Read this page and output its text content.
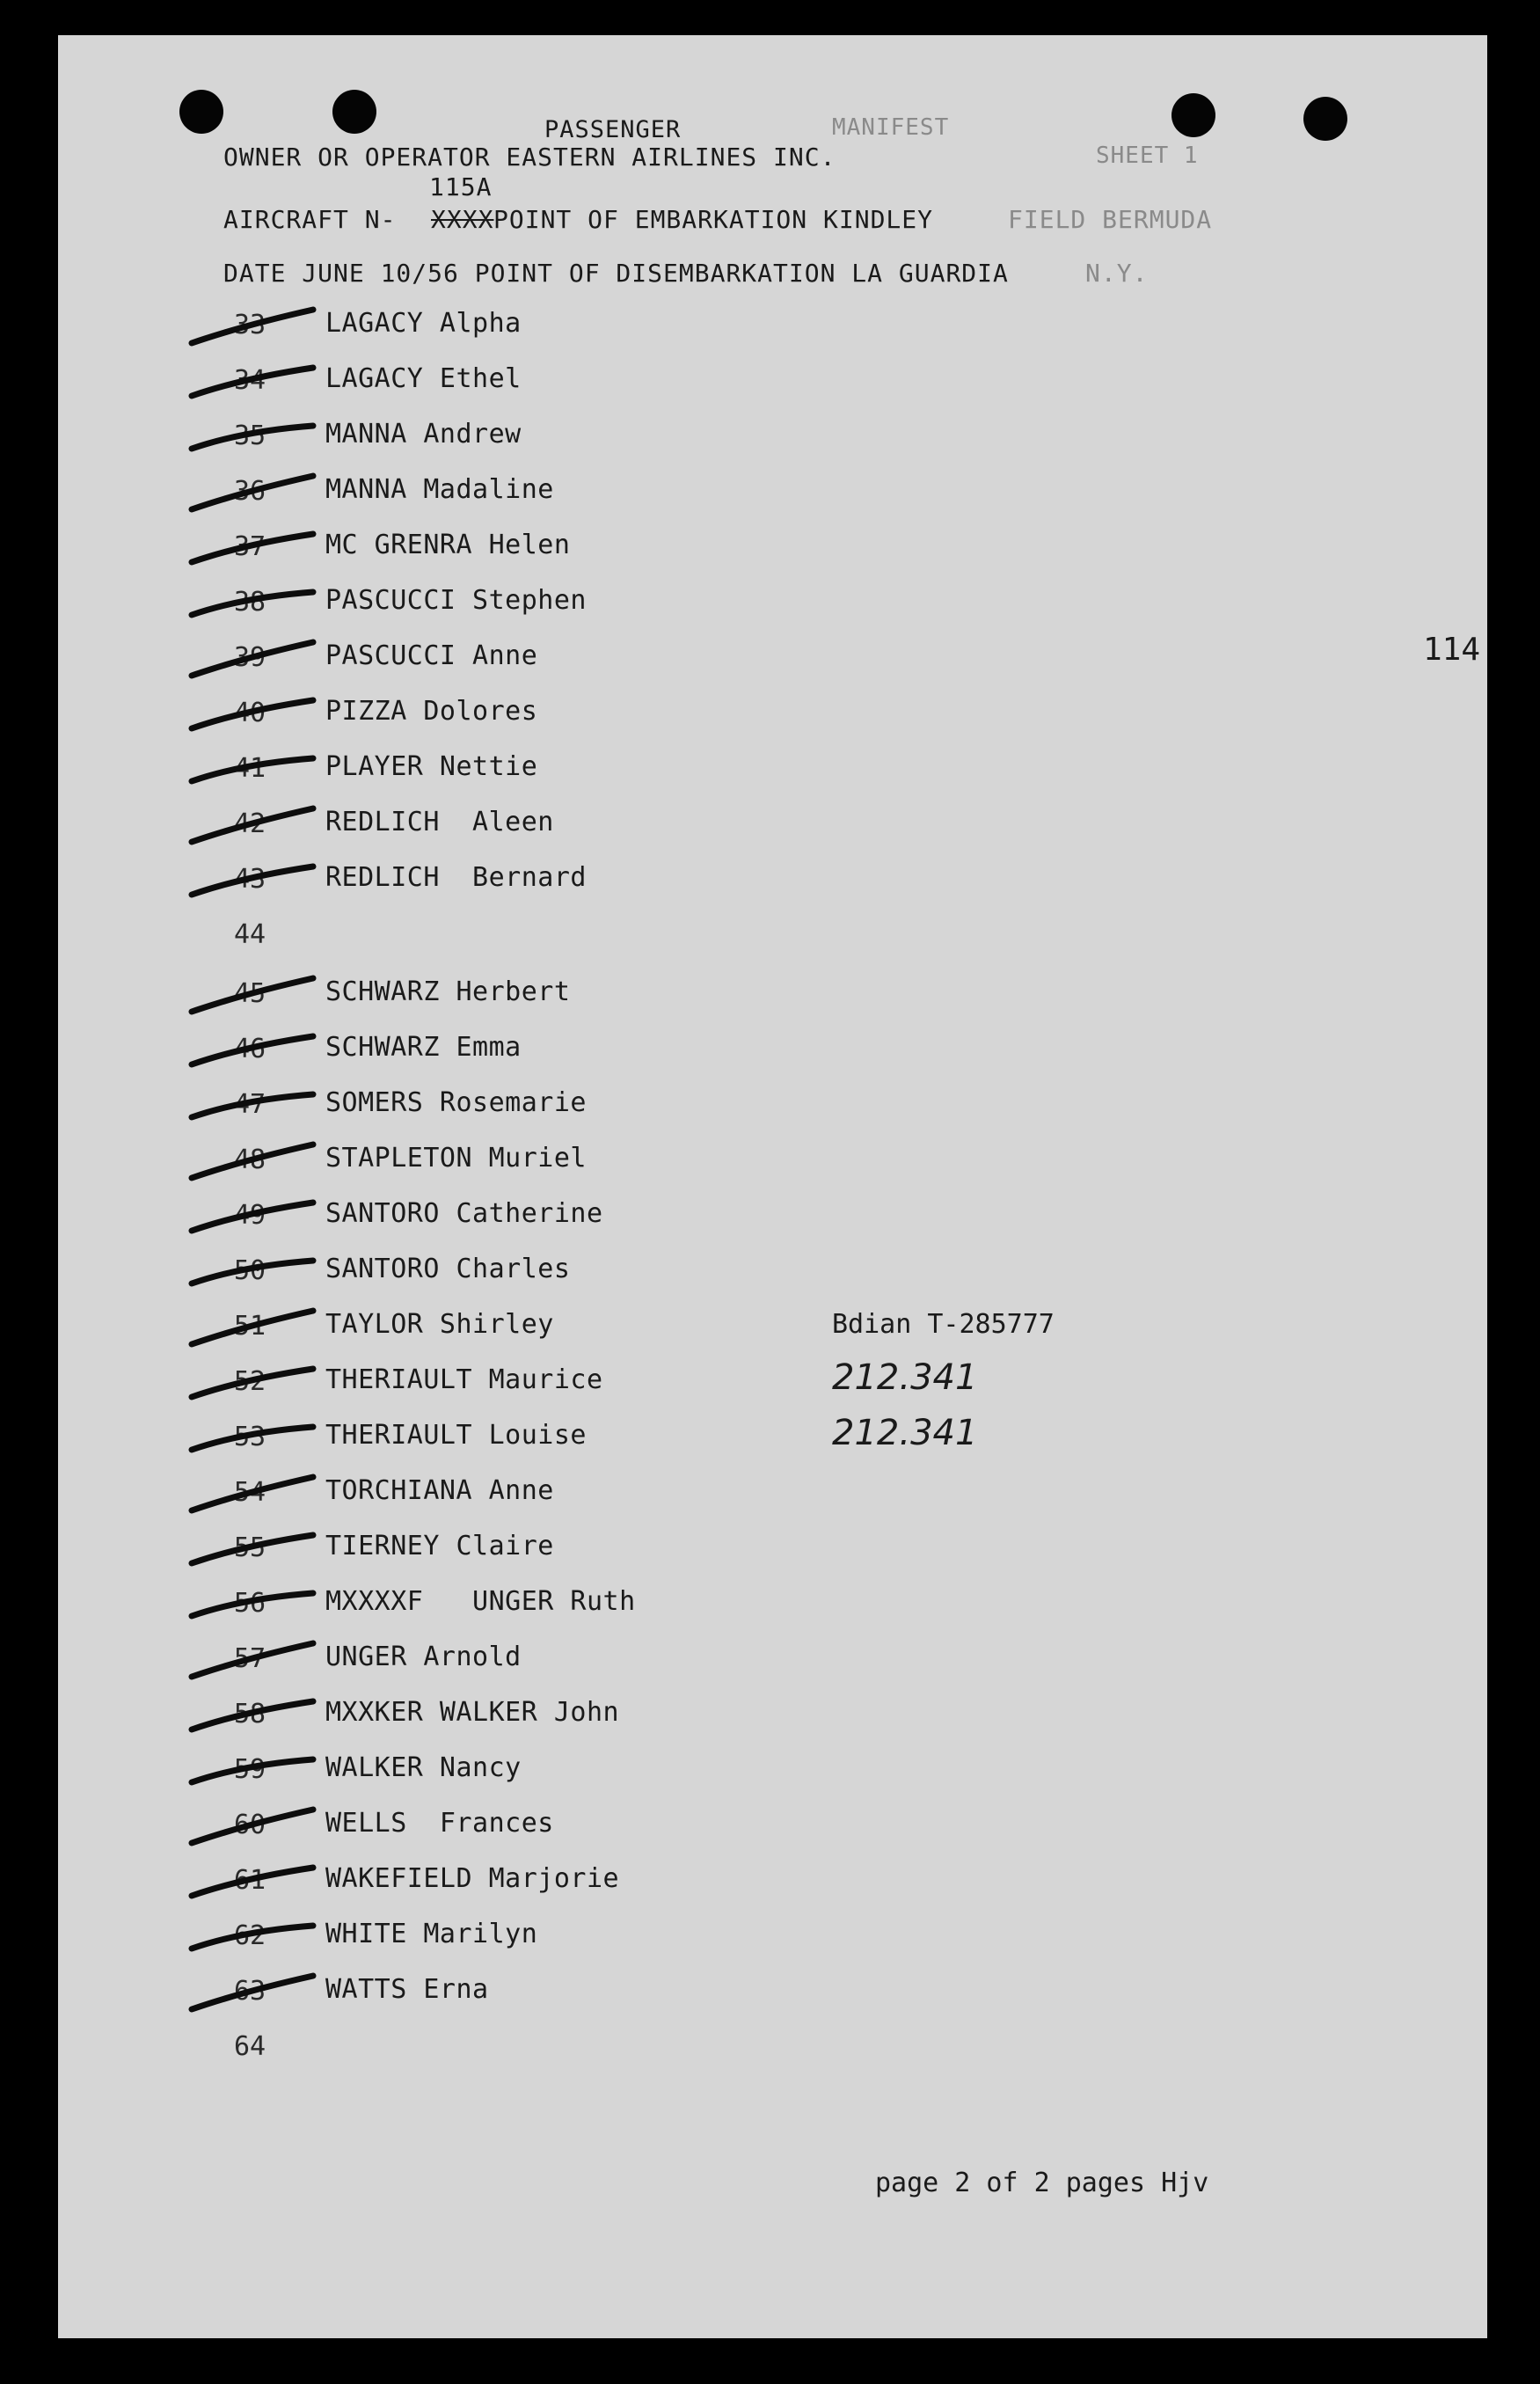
PASSENGER	MANIFEST
OWNER OR OPERATOR EASTERN AIRLINES INC.	SHEET 1
115A
AIRCRAFT N- XXXX POINT OF EMBARKATION KINDLEY	FIELD BERMUDA
DATE JUNE 10/56 POINT OF DISEMBARKATION LA GUARDIA	N.Y.
114
33 LAGACY Alpha
34 LAGACY Ethel
35 MANNA Andrew
36 MANNA Madaline
37 MC GRENRA Helen
38 PASCUCCI Stephen
39 PASCUCCI Anne
40 PIZZA Dolores
41 PLAYER Nettie
42 REDLICH  Aleen
43 REDLICH  Bernard
44
45 SCHWARZ Herbert
46 SCHWARZ Emma
47 SOMERS Rosemarie
48 STAPLETON Muriel
49 SANTORO Catherine
50 SANTORO Charles
51 TAYLOR Shirley	Bdian T-285777
52 THERIAULT Maurice	212.341
53 THERIAULT Louise	212.341
54 TORCHIANA Anne
55 TIERNEY Claire
56 MXXXXF   UNGER Ruth
57 UNGER Arnold
58 MXXKER WALKER John
59 WALKER Nancy
60 WELLS  Frances
61 WAKEFIELD Marjorie
62 WHITE Marilyn
63 WATTS Erna
64
page 2 of 2 pages Hjv
